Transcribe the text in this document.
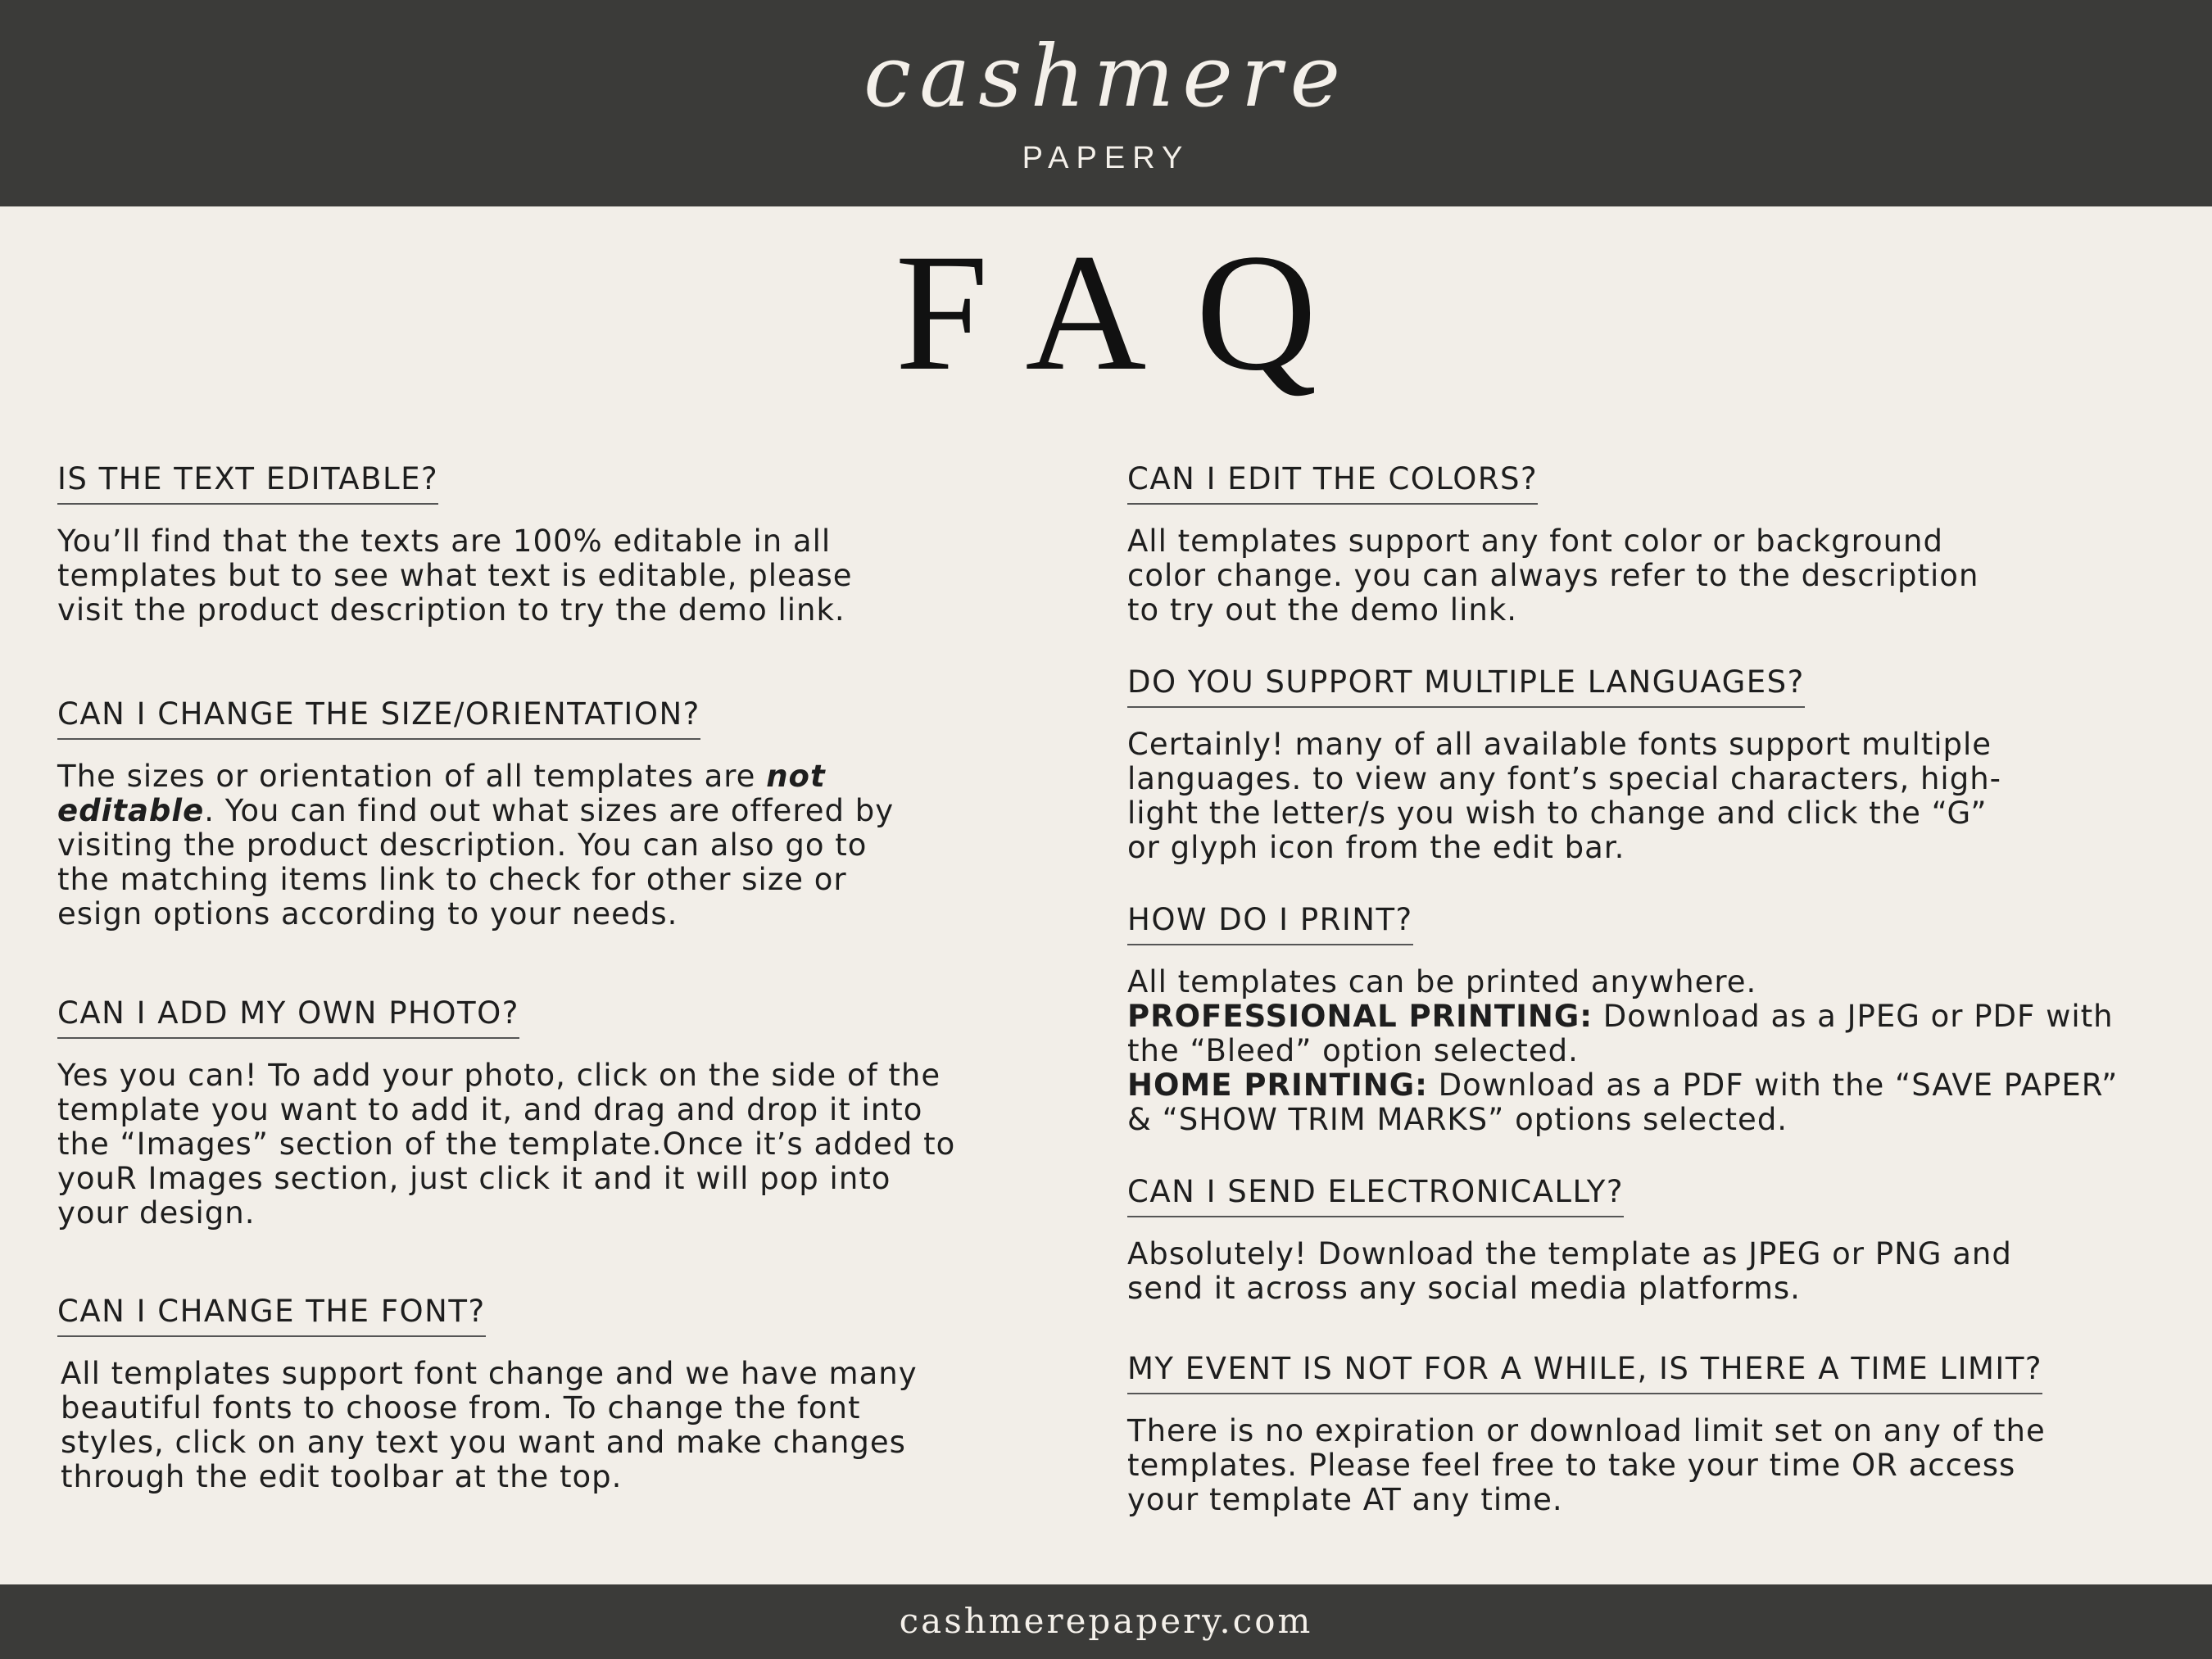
cashmere
PAPERY
FAQ
IS THE TEXT EDITABLE?
You’ll find that the texts are 100% editable in all
templates but to see what text is editable, please
visit the product description to try the demo link.
CAN I CHANGE THE SIZE/ORIENTATION?
The sizes or orientation of all templates are not
editable. You can find out what sizes are offered by
visiting the product description. You can also go to
the matching items link to check for other size or
esign options according to your needs.
CAN I ADD MY OWN PHOTO?
Yes you can! To add your photo, click on the side of the
template you want to add it, and drag and drop it into
the “Images” section of the template.Once it’s added to
youR Images section, just click it and it will pop into
your design.
CAN I CHANGE THE FONT?
All templates support font change and we have many
beautiful fonts to choose from. To change the font
styles, click on any text you want and make changes
through the edit toolbar at the top.
CAN I EDIT THE COLORS?
All templates support any font color or background
color change. you can always refer to the description
to try out the demo link.
DO YOU SUPPORT MULTIPLE LANGUAGES?
Certainly! many of all available fonts support multiple
languages. to view any font’s special characters, high-
light the letter/s you wish to change and click the “G”
or glyph icon from the edit bar.
HOW DO I PRINT?
All templates can be printed anywhere.
PROFESSIONAL PRINTING: Download as a JPEG or PDF with
the “Bleed” option selected.
HOME PRINTING: Download as a PDF with the “SAVE PAPER”
& “SHOW TRIM MARKS” options selected.
CAN I SEND ELECTRONICALLY?
Absolutely! Download the template as JPEG or PNG and
send it across any social media platforms.
MY EVENT IS NOT FOR A WHILE, IS THERE A TIME LIMIT?
There is no expiration or download limit set on any of the
templates. Please feel free to take your time OR access
your template AT any time.
cashmerepapery.com
